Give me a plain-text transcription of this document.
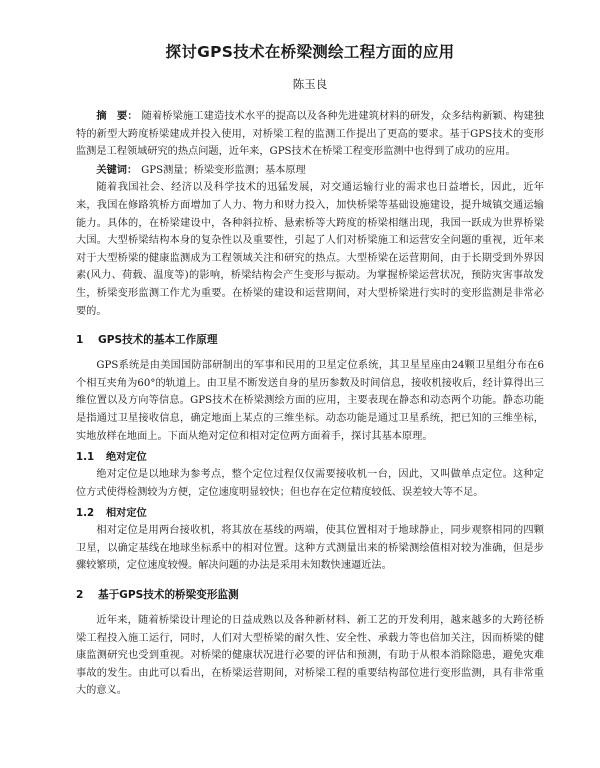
探讨GPS技术在桥梁测绘工程方面的应用
陈玉良

摘　要： 随着桥梁施工建造技术水平的提高以及各种先进建筑材料的研发，众多结构新颖、构建独特的新型大跨度桥梁建成并投入使用，对桥梁工程的监测工作提出了更高的要求。基于GPS技术的变形监测是工程领域研究的热点问题，近年来，GPS技术在桥梁工程变形监测中也得到了成功的应用。

关键词： GPS测量；桥梁变形监测；基本原理

随着我国社会、经济以及科学技术的迅猛发展，对交通运输行业的需求也日益增长，因此，近年来，我国在修路筑桥方面增加了人力、物力和财力投入，加快桥梁等基础设施建设，提升城镇交通运输能力。具体的，在桥梁建设中，各种斜拉桥、悬索桥等大跨度的桥梁相继出现，我国一跃成为世界桥梁大国。大型桥梁结构本身的复杂性以及重要性，引起了人们对桥梁施工和运营安全问题的重视，近年来对于大型桥梁的健康监测成为工程领域关注和研究的热点。大型桥梁在运营期间，由于长期受到外界因素(风力、荷载、温度等)的影响，桥梁结构会产生变形与振动。为掌握桥梁运营状况，预防灾害事故发生，桥梁变形监测工作尤为重要。在桥梁的建设和运营期间，对大型桥梁进行实时的变形监测是非常必要的。

1 GPS技术的基本工作原理

GPS系统是由美国国防部研制出的军事和民用的卫星定位系统，其卫星星座由24颗卫星组分布在6个相互夹角为60°的轨道上。由卫星不断发送自身的星历参数及时间信息，接收机接收后，经计算得出三维位置以及方向等信息。GPS技术在桥梁测绘方面的应用，主要表现在静态和动态两个功能。静态功能是指通过卫星接收信息，确定地面上某点的三维坐标。动态功能是通过卫星系统，把已知的三维坐标，实地放样在地面上。下面从绝对定位和相对定位两方面着手，探讨其基本原理。

1.1 绝对定位

绝对定位是以地球为参考点，整个定位过程仅仅需要接收机一台，因此，又叫做单点定位。这种定位方式使得检测较为方便，定位速度明显较快；但也存在定位精度较低、误差较大等不足。

1.2 相对定位

相对定位是用两台接收机，将其放在基线的两端，使其位置相对于地球静止，同步观察相同的四颗卫星，以确定基线在地球坐标系中的相对位置。这种方式测量出来的桥梁测绘值相对较为准确，但是步骤较繁琐，定位速度较慢。解决问题的办法是采用未知数快速逼近法。

2 基于GPS技术的桥梁变形监测

近年来，随着桥梁设计理论的日益成熟以及各种新材料、新工艺的开发利用，越来越多的大跨径桥梁工程投入施工运行，同时，人们对大型桥梁的耐久性、安全性、承载力等也倍加关注，因而桥梁的健康监测研究也受到重视。对桥梁的健康状况进行必要的评估和预测，有助于从根本消除隐患，避免灾难事故的发生。由此可以看出，在桥梁运营期间，对桥梁工程的重要结构部位进行变形监测，具有非常重大的意义。
